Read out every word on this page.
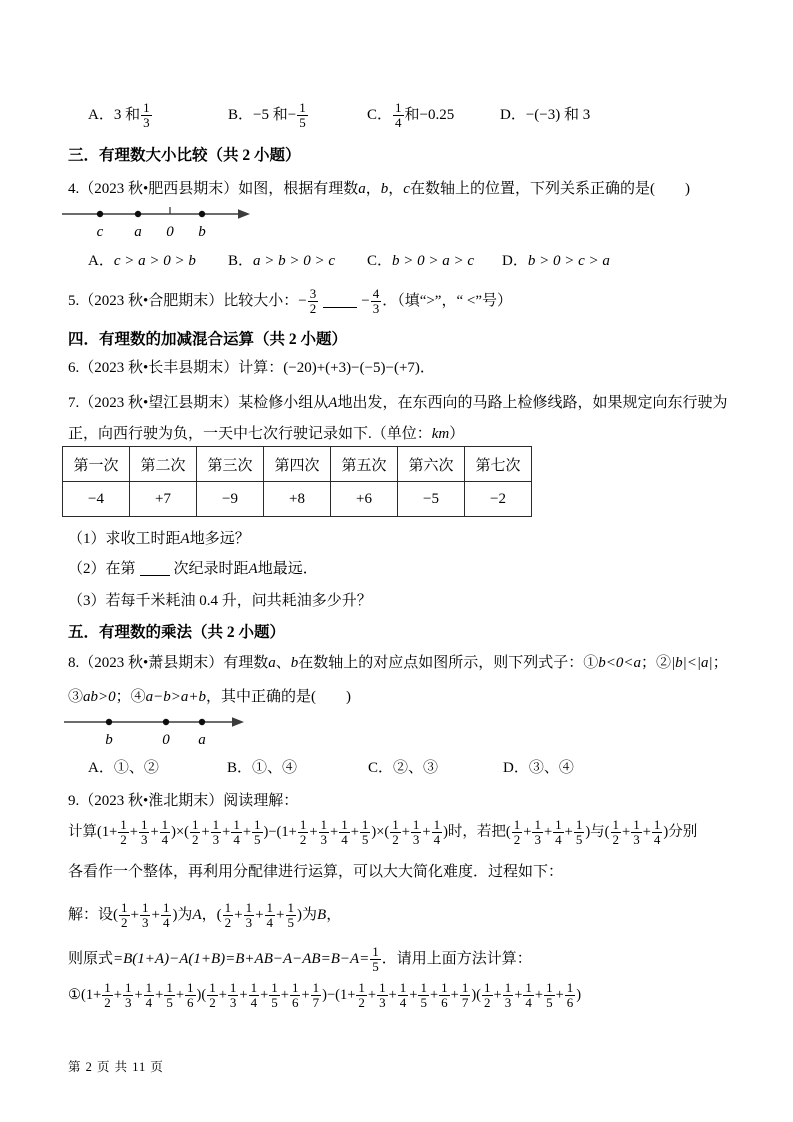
A．3 和 $\frac{1}{3}$	B．−5 和− $\frac{1}{5}$	C． $\frac{1}{4}$ 和−0.25	D．−(−3) 和 3
三．有理数大小比较（共 2 小题）
4.（2023 秋•肥西县期末）如图，根据有理数a，b，c在数轴上的位置，下列关系正确的是(　　)
c a 0 b
A．c > a > 0 > b B．a > b > 0 > c C．b > 0 > a > c D．b > 0 > c > a
5.（2023 秋•合肥期末）比较大小：− $\frac{3}{2}$	− $\frac{4}{3}$ ．（填“>”，“ <”号）
四．有理数的加减混合运算（共 2 小题）
6.（2023 秋•长丰县期末）计算：(−20)+(+3)−(−5)−(+7)．
7.（2023 秋•望江县期末）某检修小组从A地出发，在东西向的马路上检修线路，如果规定向东行驶为正，向西行驶为负，一天中七次行驶记录如下.（单位：km）
第一次	第二次	第三次	第四次	第五次	第六次	第七次
−4	+7	−9	+8	+6	−5	−2
（1）求收工时距A地多远？
（2）在第	次纪录时距A地最远．
（3）若每千米耗油 0.4 升，问共耗油多少升？
五．有理数的乘法（共 2 小题）
8.（2023 秋•萧县期末）有理数a、b在数轴上的对应点如图所示，则下列式子：①b<0<a；②|b|<|a|；③ab>0；④a−b>a+b，其中正确的是(　　)
b	0 a
A．①、②	B．①、④	C．②、③	D．③、④
9.（2023 秋•淮北期末）阅读理解：
计算($1+ \frac{1}{2} + \frac{1}{3} + \frac{1}{4}$ )×( $\frac{1}{2} + \frac{1}{3} + \frac{1}{4} + \frac{1}{5} )-(1+ \frac{1}{2} + \frac{1}{3} + \frac{1}{4} + \frac{1}{5}$ )×( $\frac{1}{2} + \frac{1}{3} + \frac{1}{4}$ )时，若把( $\frac{1}{2} + \frac{1}{3} + \frac{1}{4} + \frac{1}{5}$ )与( $\frac{1}{2} + \frac{1}{3} + \frac{1}{4}$ )分别
各看作一个整体，再利用分配律进行运算，可以大大简化难度．过程如下：
解：设( $\frac{1}{2} + \frac{1}{3} + \frac{1}{4}$ )为A，( $\frac{1}{2} + \frac{1}{3} + \frac{1}{4} + \frac{1}{5}$ )为B，
则原式$=B(1+A)-A(1+B)=B+AB-A-AB=B-A= \frac{1}{5}$ ．请用上面方法计算：
①(1+ $\frac{1}{2} + \frac{1}{3} + \frac{1}{4} + \frac{1}{5} + \frac{1}{6}$ )( $\frac{1}{2} + \frac{1}{3} + \frac{1}{4} + \frac{1}{5} + \frac{1}{6} + \frac{1}{7} )-(1+ \frac{1}{2} + \frac{1}{3} + \frac{1}{4} + \frac{1}{5} + \frac{1}{6} + \frac{1}{7}$ )( $\frac{1}{2} + \frac{1}{3} + \frac{1}{4} + \frac{1}{5} + \frac{1}{6}$ )
第 2 页 共 11 页
